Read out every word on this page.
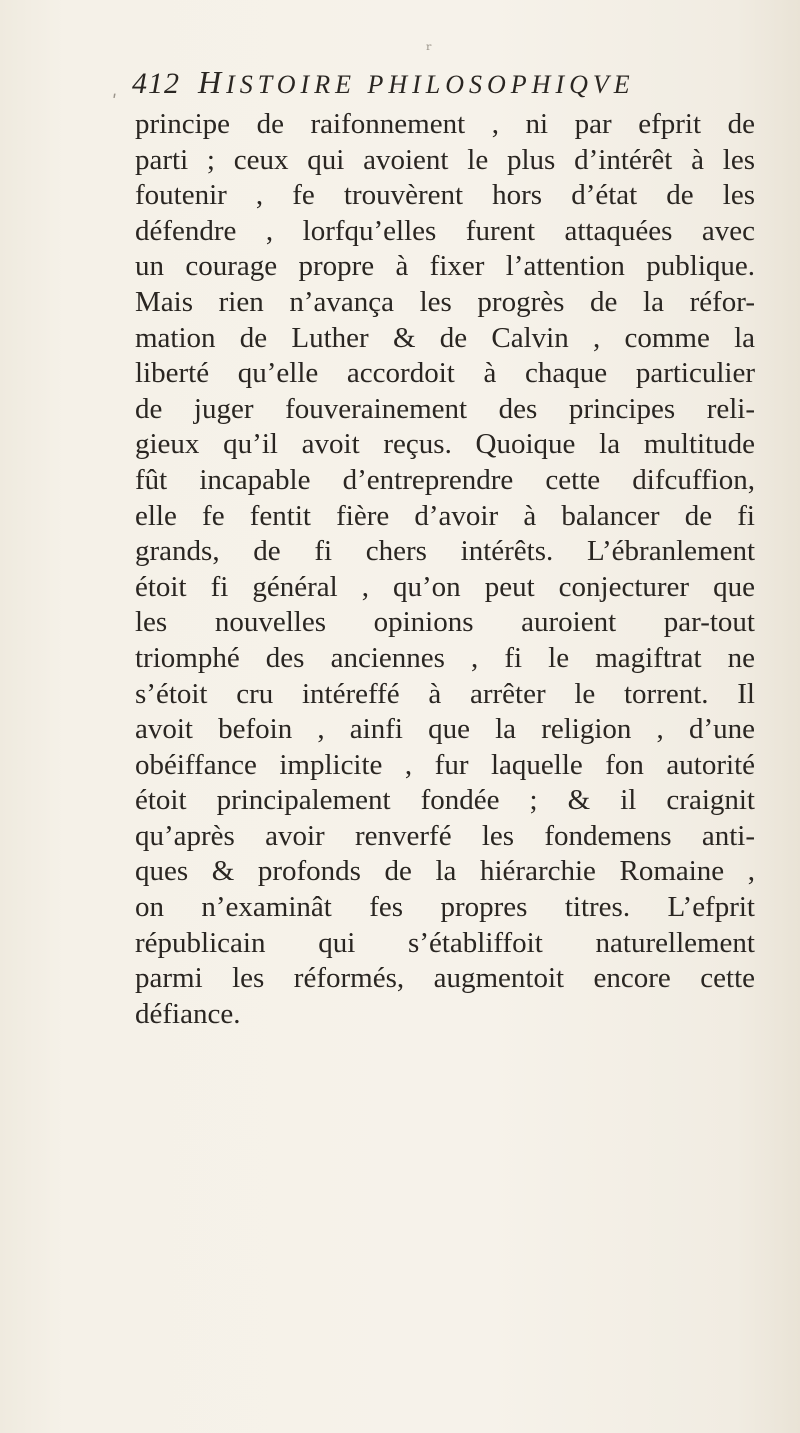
ʳ
ʹ
412 HISTOIRE PHILOSOPHIQVE
principe de raifonnement , ni par efprit de
parti ; ceux qui avoient le plus d’intérêt à les
foutenir , fe trouvèrent hors d’état de les
défendre , lorfqu’elles furent attaquées avec
un courage propre à fixer l’attention publique.
Mais rien n’avança les progrès de la réfor-
mation de Luther & de Calvin , comme la
liberté qu’elle accordoit à chaque particulier
de juger fouverainement des principes reli-
gieux qu’il avoit reçus. Quoique la multitude
fût incapable d’entreprendre cette difcuffion,
elle fe fentit fière d’avoir à balancer de fi
grands, de fi chers intérêts. L’ébranlement
étoit fi général , qu’on peut conjecturer que
les nouvelles opinions auroient par-tout
triomphé des anciennes , fi le magiftrat ne
s’étoit cru intéreffé à arrêter le torrent. Il
avoit befoin , ainfi que la religion , d’une
obéiffance implicite , fur laquelle fon autorité
étoit principalement fondée ; & il craignit
qu’après avoir renverfé les fondemens anti-
ques & profonds de la hiérarchie Romaine ,
on n’examinât fes propres titres. L’efprit
républicain qui s’établiffoit naturellement
parmi les réformés, augmentoit encore cette
défiance.
